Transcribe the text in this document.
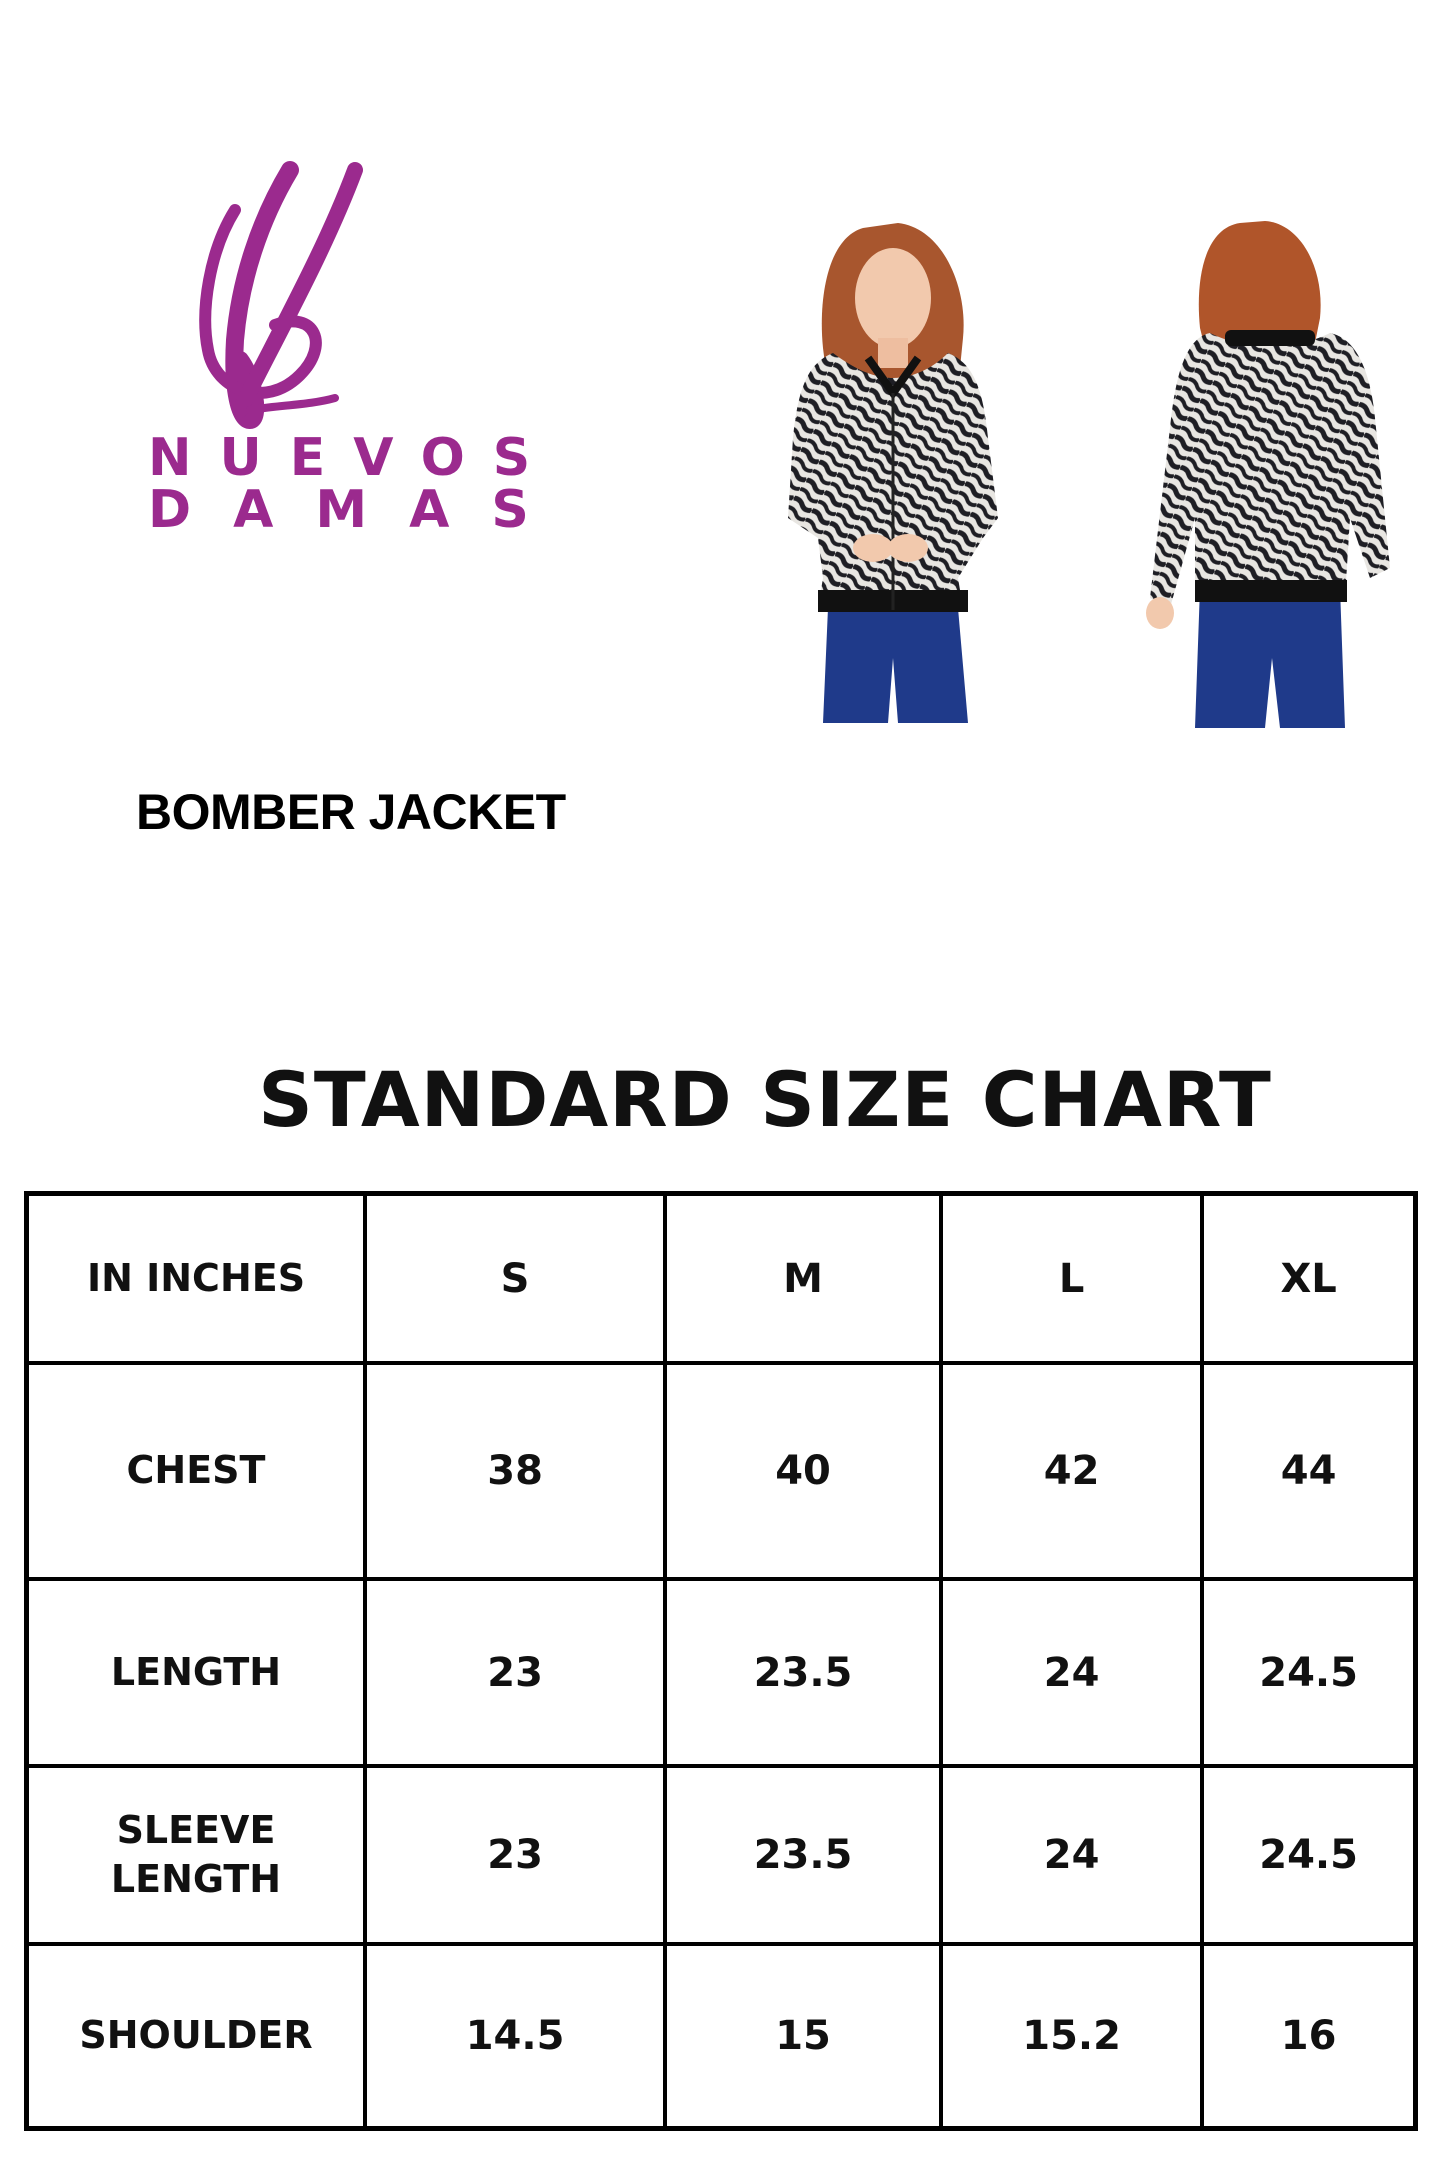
NUEVOS
DAMAS
BOMBER JACKET
STANDARD SIZE CHART
IN INCHES	S	M	L	XL
CHEST	38	40	42	44
LENGTH	23	23.5	24	24.5

SLEEVE
LENGTH	23	23.5	24	24.5
SHOULDER	14.5	15	15.2	16
